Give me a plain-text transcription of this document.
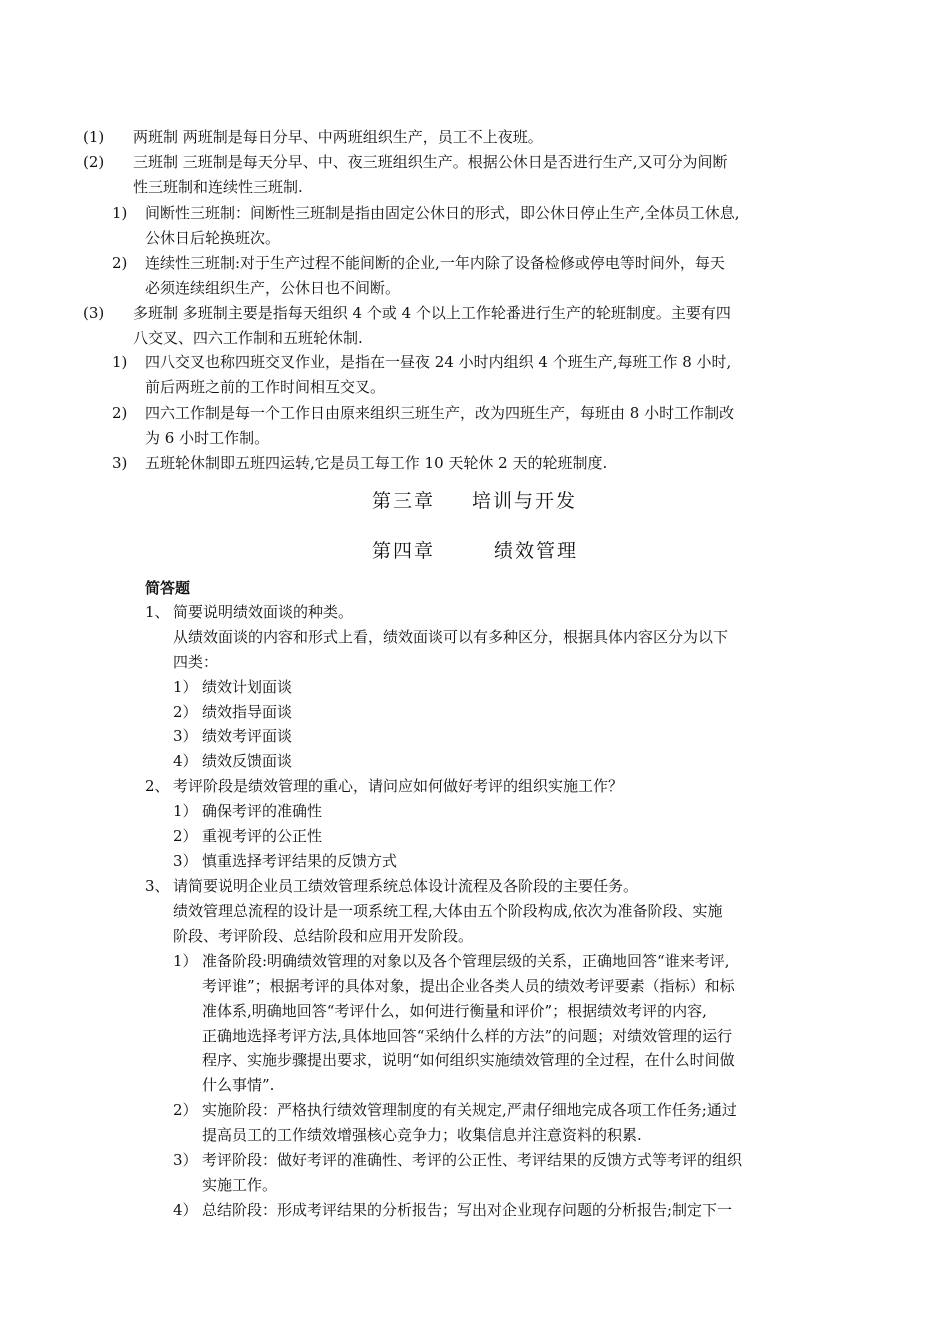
(1) 两班制 两班制是每日分早、中两班组织生产，员工不上夜班。
(2) 三班制 三班制是每天分早、中、夜三班组织生产。根据公休日是否进行生产,又可分为间断
性三班制和连续性三班制.
1) 间断性三班制：间断性三班制是指由固定公休日的形式，即公休日停止生产,全体员工休息,
公休日后轮换班次。
2) 连续性三班制:对于生产过程不能间断的企业,一年内除了设备检修或停电等时间外，每天
必须连续组织生产，公休日也不间断。
(3) 多班制 多班制主要是指每天组织 4 个或 4 个以上工作轮番进行生产的轮班制度。主要有四
八交叉、四六工作制和五班轮休制.
1) 四八交叉也称四班交叉作业，是指在一昼夜 24 小时内组织 4 个班生产,每班工作 8 小时,
前后两班之前的工作时间相互交叉。
2) 四六工作制是每一个工作日由原来组织三班生产，改为四班生产，每班由 8 小时工作制改
为 6 小时工作制。
3) 五班轮休制即五班四运转,它是员工每工作 10 天轮休 2 天的轮班制度.
第三章 培训与开发
第四章	绩效管理
简答题
1、 简要说明绩效面谈的种类。
从绩效面谈的内容和形式上看，绩效面谈可以有多种区分，根据具体内容区分为以下
四类：
1） 绩效计划面谈
2） 绩效指导面谈
3） 绩效考评面谈
4） 绩效反馈面谈
2、 考评阶段是绩效管理的重心，请问应如何做好考评的组织实施工作？
1） 确保考评的准确性
2） 重视考评的公正性
3） 慎重选择考评结果的反馈方式
3、 请简要说明企业员工绩效管理系统总体设计流程及各阶段的主要任务。
绩效管理总流程的设计是一项系统工程,大体由五个阶段构成,依次为准备阶段、实施
阶段、考评阶段、总结阶段和应用开发阶段。
1） 准备阶段:明确绩效管理的对象以及各个管理层级的关系，正确地回答“谁来考评,
考评谁”；根据考评的具体对象，提出企业各类人员的绩效考评要素（指标）和标
准体系,明确地回答“考评什么，如何进行衡量和评价”；根据绩效考评的内容,
正确地选择考评方法,具体地回答“采纳什么样的方法”的问题；对绩效管理的运行
程序、实施步骤提出要求，说明“如何组织实施绩效管理的全过程，在什么时间做
什么事情”.
2） 实施阶段：严格执行绩效管理制度的有关规定,严肃仔细地完成各项工作任务;通过
提高员工的工作绩效增强核心竞争力；收集信息并注意资料的积累.
3） 考评阶段：做好考评的准确性、考评的公正性、考评结果的反馈方式等考评的组织
实施工作。
4） 总结阶段：形成考评结果的分析报告；写出对企业现存问题的分析报告;制定下一
